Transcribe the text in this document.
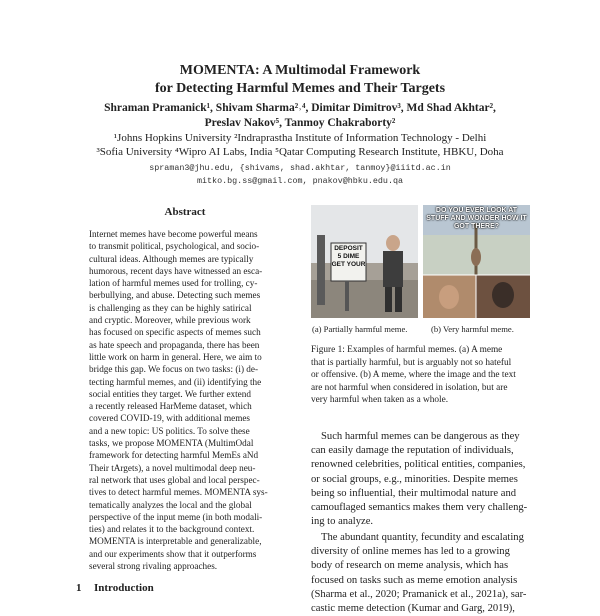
MOMENTA: A Multimodal Framework
for Detecting Harmful Memes and Their Targets
Shraman Pramanick¹, Shivam Sharma²˒⁴, Dimitar Dimitrov³, Md Shad Akhtar²,
Preslav Nakov⁵, Tanmoy Chakraborty²
¹Johns Hopkins University ²Indraprastha Institute of Information Technology - Delhi
³Sofia University ⁴Wipro AI Labs, India ⁵Qatar Computing Research Institute, HBKU, Doha
spraman3@jhu.edu, {shivams, shad.akhtar, tanmoy}@iiitd.ac.in
mitko.bg.ss@gmail.com, pnakov@hbku.edu.qa
Abstract
Internet memes have become powerful means
to transmit political, psychological, and socio-
cultural ideas. Although memes are typically
humorous, recent days have witnessed an esca-
lation of harmful memes used for trolling, cy-
berbullying, and abuse. Detecting such memes
is challenging as they can be highly satirical
and cryptic. Moreover, while previous work
has focused on specific aspects of memes such
as hate speech and propaganda, there has been
little work on harm in general. Here, we aim to
bridge this gap. We focus on two tasks: (i) de-
tecting harmful memes, and (ii) identifying the
social entities they target. We further extend
a recently released HarMeme dataset, which
covered COVID-19, with additional memes
and a new topic: US politics. To solve these
tasks, we propose MOMENTA (MultimOdal
framework for detecting harmful MemEs aNd
Their tArgets), a novel multimodal deep neu-
ral network that uses global and local perspec-
tives to detect harmful memes. MOMENTA sys-
tematically analyzes the local and the global
perspective of the input meme (in both modali-
ties) and relates it to the background context.
MOMENTA is interpretable and generalizable,
and our experiments show that it outperforms
several strong rivaling approaches.
1 Introduction
DEPOSIT
5 DIME
GET YOUR
DO YOU EVER LOOK AT STUFF AND WONDER HOW IT GOT THERE?
(a) Partially harmful meme.	(b) Very harmful meme.
Figure 1: Examples of harmful memes. (a) A meme
that is partially harmful, but is arguably not so hateful
or offensive. (b) A meme, where the image and the text
are not harmful when considered in isolation, but are
very harmful when taken as a whole.
Such harmful memes can be dangerous as they
can easily damage the reputation of individuals,
renowned celebrities, political entities, companies,
or social groups, e.g., minorities. Despite memes
being so influential, their multimodal nature and
camouflaged semantics makes them very challeng-
ing to analyze.
The abundant quantity, fecundity and escalating
diversity of online memes has led to a growing
body of research on meme analysis, which has
focused on tasks such as meme emotion analysis
(Sharma et al., 2020; Pramanick et al., 2021a), sar-
castic meme detection (Kumar and Garg, 2019),
